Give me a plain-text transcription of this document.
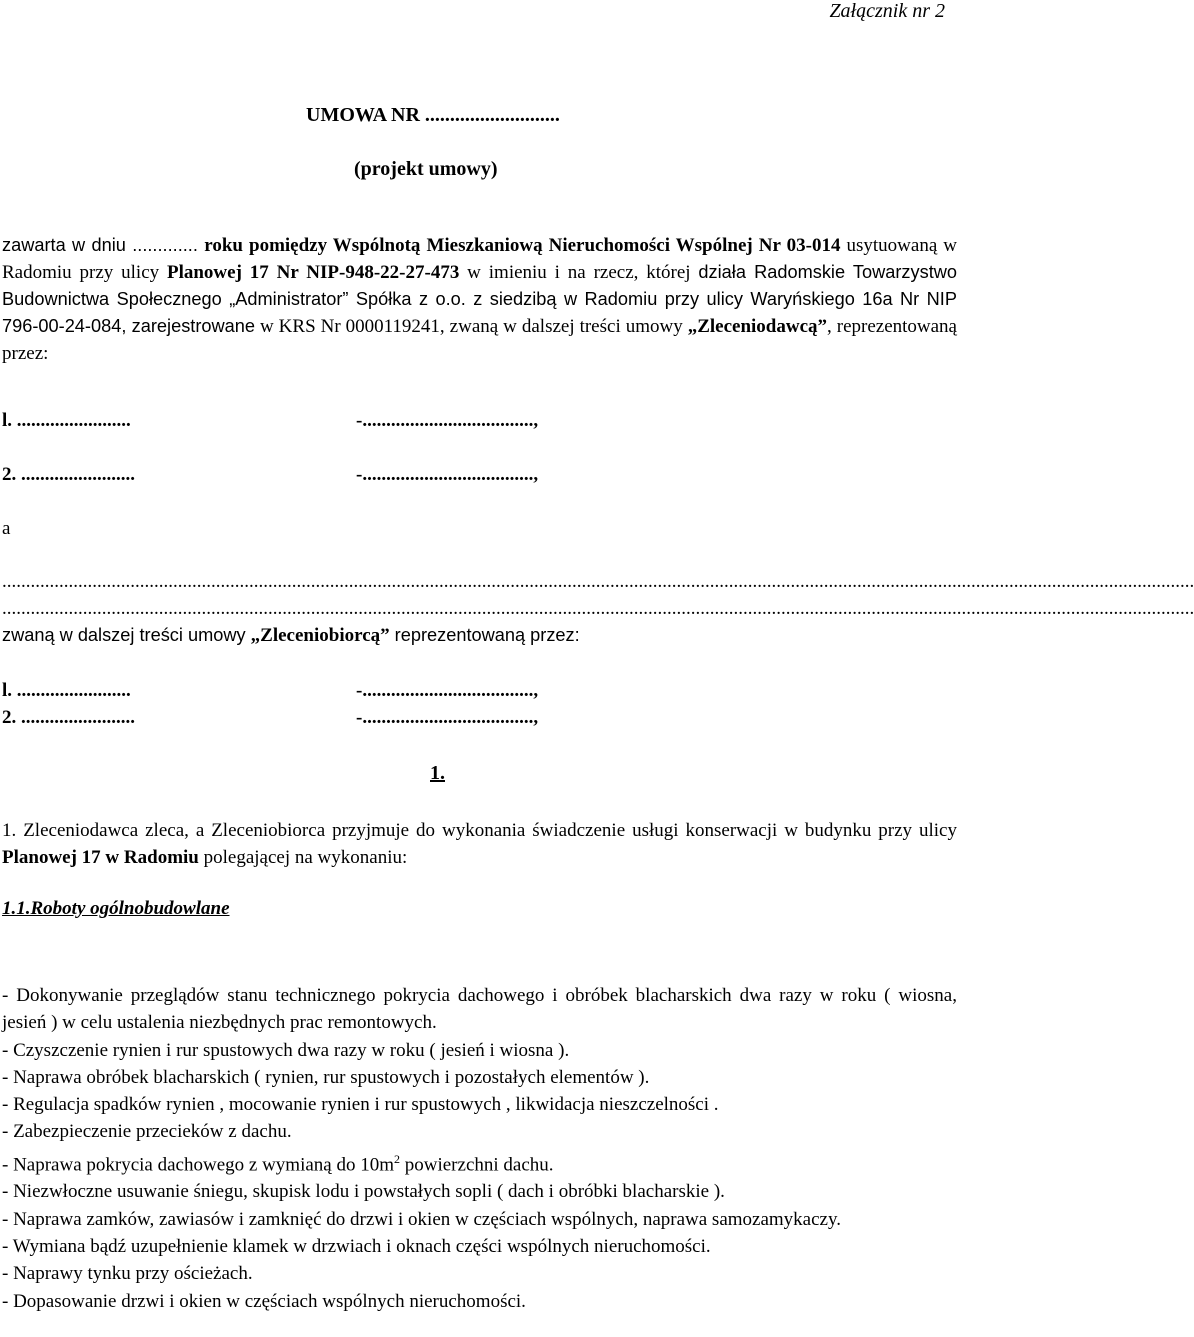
Załącznik nr 2
UMOWA NR ...........................
(projekt umowy)
zawarta w dniu ............. roku pomiędzy Wspólnotą Mieszkaniową Nieruchomości Wspólnej Nr 03-014 usytuowaną w Radomiu przy ulicy Planowej 17 Nr NIP-948-22-27-473 w imieniu i na rzecz, której działa Radomskie Towarzystwo Budownictwa Społecznego „Administrator” Spółka z o.o. z siedzibą w Radomiu przy ulicy Waryńskiego 16a Nr NIP 796-00-24-084, zarejestrowane w KRS Nr 0000119241, zwaną w dalszej treści umowy „Zleceniodawcą”, reprezentowaną przez:
l. ........................	-....................................,
2. ........................	-....................................,
a
...........................................................................................................................................................................................................................................................
...........................................................................................................................................................................................................................................................
zwaną w dalszej treści umowy „Zleceniobiorcą” reprezentowaną przez:
l. ........................	-....................................,
2. ........................	-....................................,
1.
1. Zleceniodawca zleca, a Zleceniobiorca przyjmuje do wykonania świadczenie usługi konserwacji w budynku przy ulicy Planowej 17 w Radomiu polegającej na wykonaniu:
1.1.Roboty ogólnobudowlane

- Dokonywanie przeglądów stanu technicznego pokrycia dachowego i obróbek blacharskich dwa razy w roku ( wiosna, jesień ) w celu ustalenia niezbędnych prac remontowych.

- Czyszczenie rynien i rur spustowych dwa razy w roku ( jesień i wiosna ).

- Naprawa obróbek blacharskich ( rynien, rur spustowych i pozostałych elementów ).

- Regulacja spadków rynien , mocowanie rynien i rur spustowych , likwidacja nieszczelności .

- Zabezpieczenie przecieków z dachu.

- Naprawa pokrycia dachowego z wymianą do $10m^2$ powierzchni dachu.

- Niezwłoczne usuwanie śniegu, skupisk lodu i powstałych sopli ( dach i obróbki blacharskie ).

- Naprawa zamków, zawiasów i zamknięć do drzwi i okien w częściach wspólnych, naprawa samozamykaczy.

- Wymiana bądź uzupełnienie klamek w drzwiach i oknach części wspólnych nieruchomości.

- Naprawy tynku przy ościeżach.

- Dopasowanie drzwi i okien w częściach wspólnych nieruchomości.
